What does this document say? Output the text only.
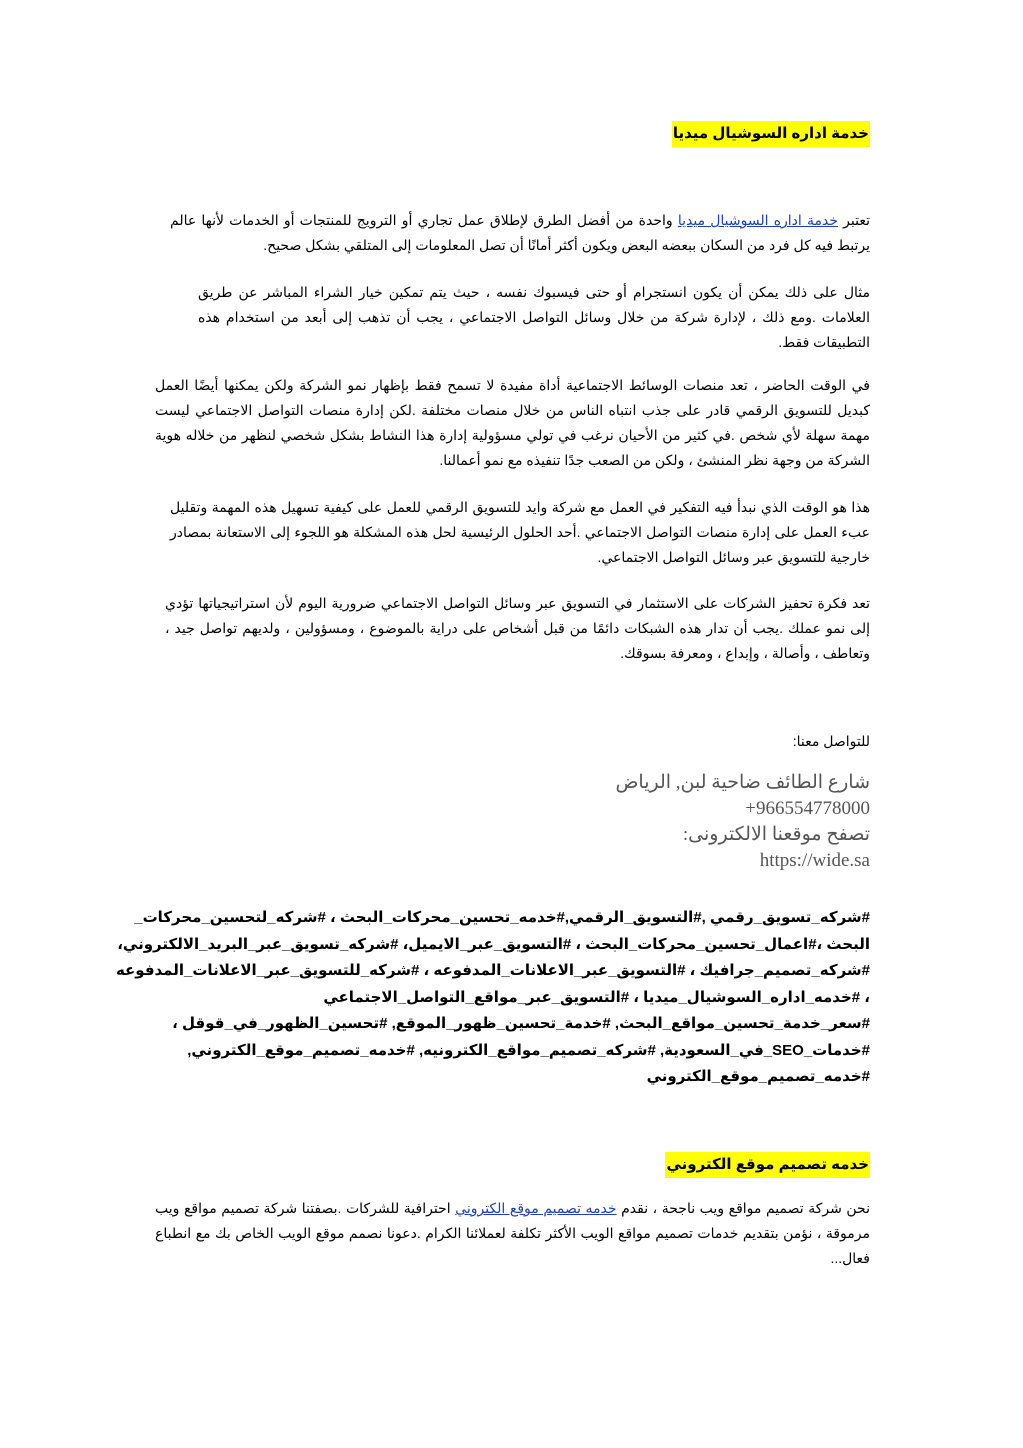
خدمة اداره السوشيال ميديا

تعتبر خدمة اداره السوشيال ميديا واحدة من أفضل الطرق لإطلاق عمل تجاري أو الترويج للمنتجات أو الخدمات لأنها عالم يرتبط فيه كل فرد من السكان ببعضه البعض ويكون أكثر أمانًا أن تصل المعلومات إلى المتلقي بشكل صحيح.

مثال على ذلك يمكن أن يكون انستجرام أو حتى فيسبوك نفسه ، حيث يتم تمكين خيار الشراء المباشر عن طريق العلامات .ومع ذلك ، لإدارة شركة من خلال وسائل التواصل الاجتماعي ، يجب أن تذهب إلى أبعد من استخدام هذه التطبيقات فقط.

في الوقت الحاضر ، تعد منصات الوسائط الاجتماعية أداة مفيدة لا تسمح فقط بإظهار نمو الشركة ولكن يمكنها أيضًا العمل كبديل للتسويق الرقمي قادر على جذب انتباه الناس من خلال منصات مختلفة .لكن إدارة منصات التواصل الاجتماعي ليست مهمة سهلة لأي شخص .في كثير من الأحيان نرغب في تولي مسؤولية إدارة هذا النشاط بشكل شخصي لنظهر من خلاله هوية الشركة من وجهة نظر المنشئ ، ولكن من الصعب جدًا تنفيذه مع نمو أعمالنا.

هذا هو الوقت الذي نبدأ فيه التفكير في العمل مع شركة وايد للتسويق الرقمي للعمل على كيفية تسهيل هذه المهمة وتقليل عبء العمل على إدارة منصات التواصل الاجتماعي .أحد الحلول الرئيسية لحل هذه المشكلة هو اللجوء إلى الاستعانة بمصادر خارجية للتسويق عبر وسائل التواصل الاجتماعي.

تعد فكرة تحفيز الشركات على الاستثمار في التسويق عبر وسائل التواصل الاجتماعي ضرورية اليوم لأن استراتيجياتها تؤدي إلى نمو عملك .يجب أن تدار هذه الشبكات دائمًا من قبل أشخاص على دراية بالموضوع ، ومسؤولين ، ولديهم تواصل جيد ، وتعاطف ، وأصالة ، وإبداع ، ومعرفة بسوقك.

للتواصل معنا:
شارع الطائف ضاحية لبن, الرياض
+966554778000
تصفح موقعنا الالكترونى:
https://wide.sa
#شركه_تسويق_رقمي ,#التسويق_الرقمي,#خدمه_تحسين_محركات_البحث ، #شركه_لتحسين_محركات_
البحث ،#اعمال_تحسين_محركات_البحث ، #التسويق_عبر_الايميل، #شركه_تسويق_عبر_البريد_الالكتروني،
#شركه_تصميم_جرافيك ، #التسويق_عبر_الاعلانات_المدفوعه ، #شركه_للتسويق_عبر_الاعلانات_المدفوعه
، #خدمه_اداره_السوشيال_ميديا ، #التسويق_عبر_مواقع_التواصل_الاجتماعي
#سعر_خدمة_تحسين_مواقع_البحث, #خدمة_تحسين_ظهور_الموقع, #تحسين_الظهور_في_قوقل ،
#خدمات_SEO_في_السعودية, #شركه_تصميم_مواقع_الكترونيه, #خدمه_تصميم_موقع_الكتروني,
#خدمه_تصميم_موقع_الكتروني
خدمه تصميم موقع الكتروني

نحن شركة تصميم مواقع ويب ناجحة ، نقدم خدمه تصميم موقع الكتروني احترافية للشركات .بصفتنا شركة تصميم مواقع ويب مرموقة ، نؤمن بتقديم خدمات تصميم مواقع الويب الأكثر تكلفة لعملائنا الكرام .دعونا نصمم موقع الويب الخاص بك مع انطباع فعال...
